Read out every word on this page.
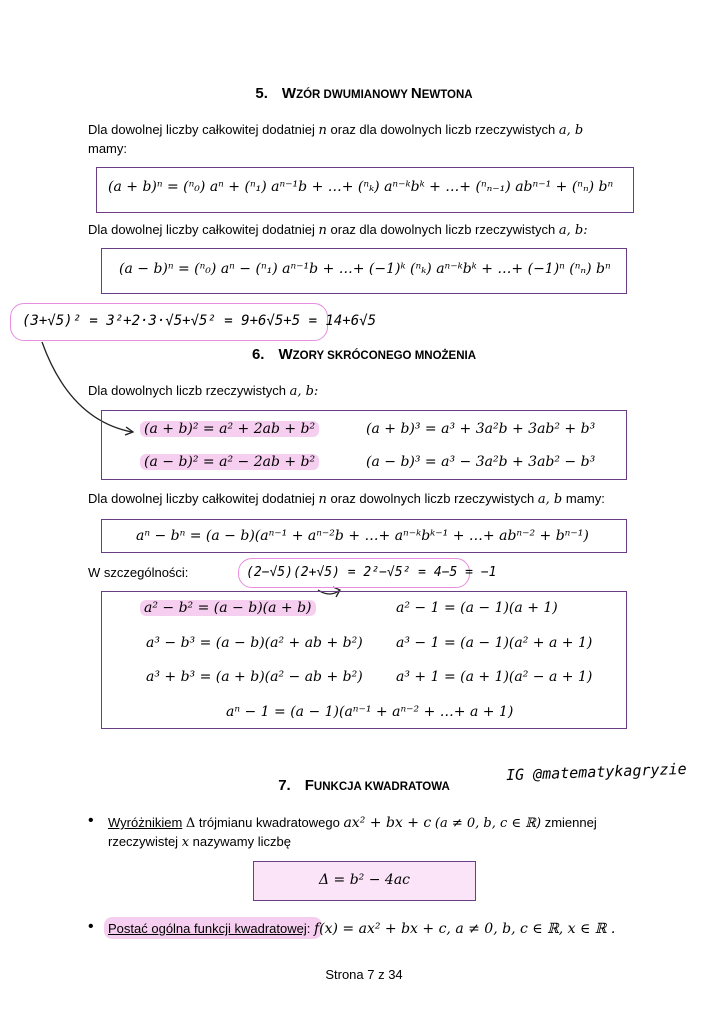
5. WZÓR DWUMIANOWY NEWTONA
Dla dowolnej liczby całkowitej dodatniej n oraz dla dowolnych liczb rzeczywistych a, b
mamy:
(a + b)ⁿ = (ⁿ₀) aⁿ + (ⁿ₁) aⁿ⁻¹b + …+ (ⁿₖ) aⁿ⁻ᵏbᵏ + …+ (ⁿₙ₋₁) abⁿ⁻¹ + (ⁿₙ) bⁿ
Dla dowolnej liczby całkowitej dodatniej n oraz dla dowolnych liczb rzeczywistych a, b:
(a − b)ⁿ = (ⁿ₀) aⁿ − (ⁿ₁) aⁿ⁻¹b + …+ (−1)ᵏ (ⁿₖ) aⁿ⁻ᵏbᵏ + …+ (−1)ⁿ (ⁿₙ) bⁿ
(3+√5)² = 3²+2·3·√5+√5² = 9+6√5+5 = 14+6√5
6. WZORY SKRÓCONEGO MNOŻENIA
Dla dowolnych liczb rzeczywistych a, b:
(a + b)² = a² + 2ab + b²
(a − b)² = a² − 2ab + b²
(a + b)³ = a³ + 3a²b + 3ab² + b³
(a − b)³ = a³ − 3a²b + 3ab² − b³
Dla dowolnej liczby całkowitej dodatniej n oraz dowolnych liczb rzeczywistych a, b mamy:
aⁿ − bⁿ = (a − b)(aⁿ⁻¹ + aⁿ⁻²b + …+ aⁿ⁻ᵏbᵏ⁻¹ + …+ abⁿ⁻² + bⁿ⁻¹)
W szczególności:	(2−√5)(2+√5) = 2²−√5² = 4−5 = −1
a² − b² = (a − b)(a + b)	a² − 1 = (a − 1)(a + 1)
a³ − b³ = (a − b)(a² + ab + b²) a³ − 1 = (a − 1)(a² + a + 1)
a³ + b³ = (a + b)(a² − ab + b²) a³ + 1 = (a + 1)(a² − a + 1)
aⁿ − 1 = (a − 1)(aⁿ⁻¹ + aⁿ⁻² + …+ a + 1)
7. FUNKCJA KWADRATOWA
IG @matematykagryzie
• Wyróżnikiem Δ trójmianu kwadratowego ax² + bx + c (a ≠ 0, b, c ∈ ℝ) zmiennej
rzeczywistej x nazywamy liczbę
Δ = b² − 4ac
• Postać ogólna funkcji kwadratowej: f(x) = ax² + bx + c, a ≠ 0, b, c ∈ ℝ, x ∈ ℝ .
Strona 7 z 34
